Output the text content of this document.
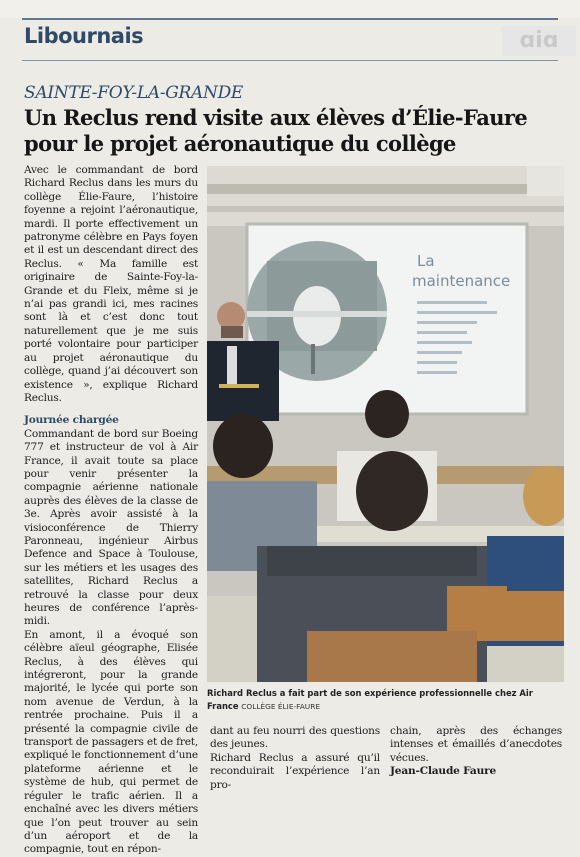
Libournais	ɒiɒ
SAINTE-FOY-LA-GRANDE
Un Reclus rend visite aux élèves d’Élie-Faure pour le projet aéronautique du collège

Avec le commandant de bord Richard Reclus dans les murs du collège Élie-Faure, l’histoire foyenne a rejoint l’aéronautique, mardi. Il porte effectivement un patronyme célèbre en Pays foyen et il est un descendant direct des Reclus. « Ma famille est originaire de Sainte-Foy-la-Grande et du Fleix, même si je n’ai pas grandi ici, mes racines sont là et c’est donc tout naturellement que je me suis porté volontaire pour participer au projet aéronautique du collège, quand j’ai découvert son existence », explique Richard Reclus.

Journée chargée

Commandant de bord sur Boeing 777 et instructeur de vol à Air France, il avait toute sa place pour venir présenter la compagnie aérienne nationale auprès des élèves de la classe de 3e. Après avoir assisté à la visioconférence de Thierry Paronneau, ingénieur Airbus Defence and Space à Toulouse, sur les métiers et les usages des satellites, Richard Reclus a retrouvé la classe pour deux heures de conférence l’après-midi.

En amont, il a évoqué son célèbre aïeul géographe, Elisée Reclus, à des élèves qui intégreront, pour la grande majorité, le lycée qui porte son nom avenue de Verdun, à la rentrée prochaine. Puis il a présenté la compagnie civile de transport de passagers et de fret, expliqué le fonctionnement d’une plateforme aérienne et le système de hub, qui permet de réguler le trafic aérien. Il a enchaîné avec les divers métiers que l’on peut trouver au sein d’un aéroport et de la compagnie, tout en répon-

La
maintenance
Richard Reclus a fait part de son expérience professionnelle chez Air France COLLÈGE ÉLIE-FAURE

dant au feu nourri des questions des jeunes.

Richard Reclus a assuré qu’il reconduirait l’expérience l’an pro-

chain, après des échanges intenses et émaillés d’anecdotes vécues.

Jean-Claude Faure
